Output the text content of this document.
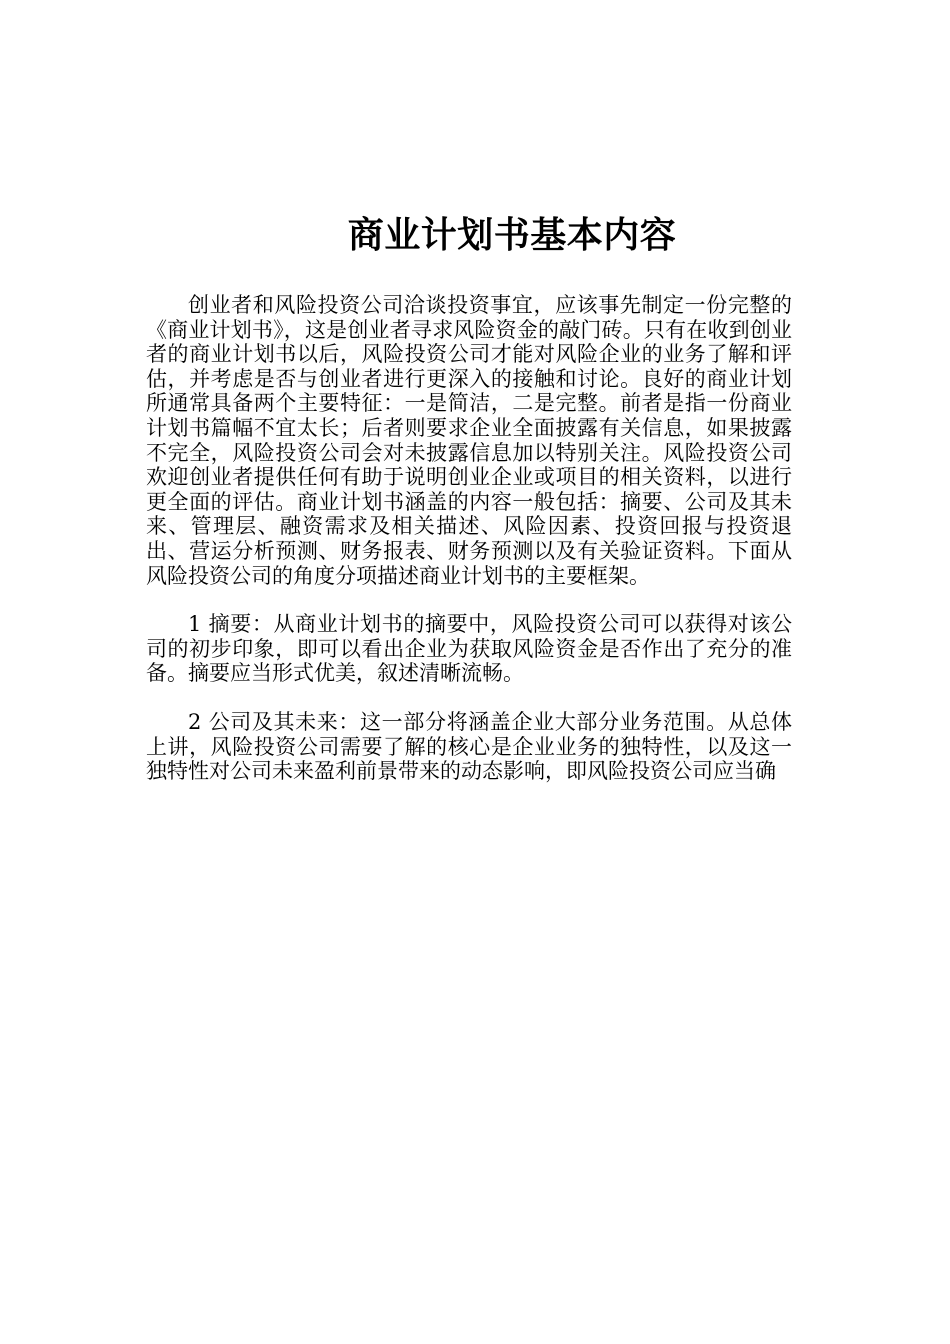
商业计划书基本内容

创业者和风险投资公司洽谈投资事宜，应该事先制定一份完整的《商业计划书》，这是创业者寻求风险资金的敲门砖。只有在收到创业者的商业计划书以后，风险投资公司才能对风险企业的业务了解和评估，并考虑是否与创业者进行更深入的接触和讨论。良好的商业计划所通常具备两个主要特征：一是简洁，二是完整。前者是指一份商业计划书篇幅不宜太长；后者则要求企业全面披露有关信息，如果披露不完全，风险投资公司会对未披露信息加以特别关注。风险投资公司欢迎创业者提供任何有助于说明创业企业或项目的相关资料，以进行更全面的评估。商业计划书涵盖的内容一般包括：摘要、公司及其未来、管理层、融资需求及相关描述、风险因素、投资回报与投资退出、营运分析预测、财务报表、财务预测以及有关验证资料。下面从风险投资公司的角度分项描述商业计划书的主要框架。

1 摘要：从商业计划书的摘要中，风险投资公司可以获得对该公司的初步印象，即可以看出企业为获取风险资金是否作出了充分的准备。摘要应当形式优美，叙述清晰流畅。

2 公司及其未来：这一部分将涵盖企业大部分业务范围。从总体上讲，风险投资公司需要了解的核心是企业业务的独特性，以及这一独特性对公司未来盈利前景带来的动态影响，即风险投资公司应当确
